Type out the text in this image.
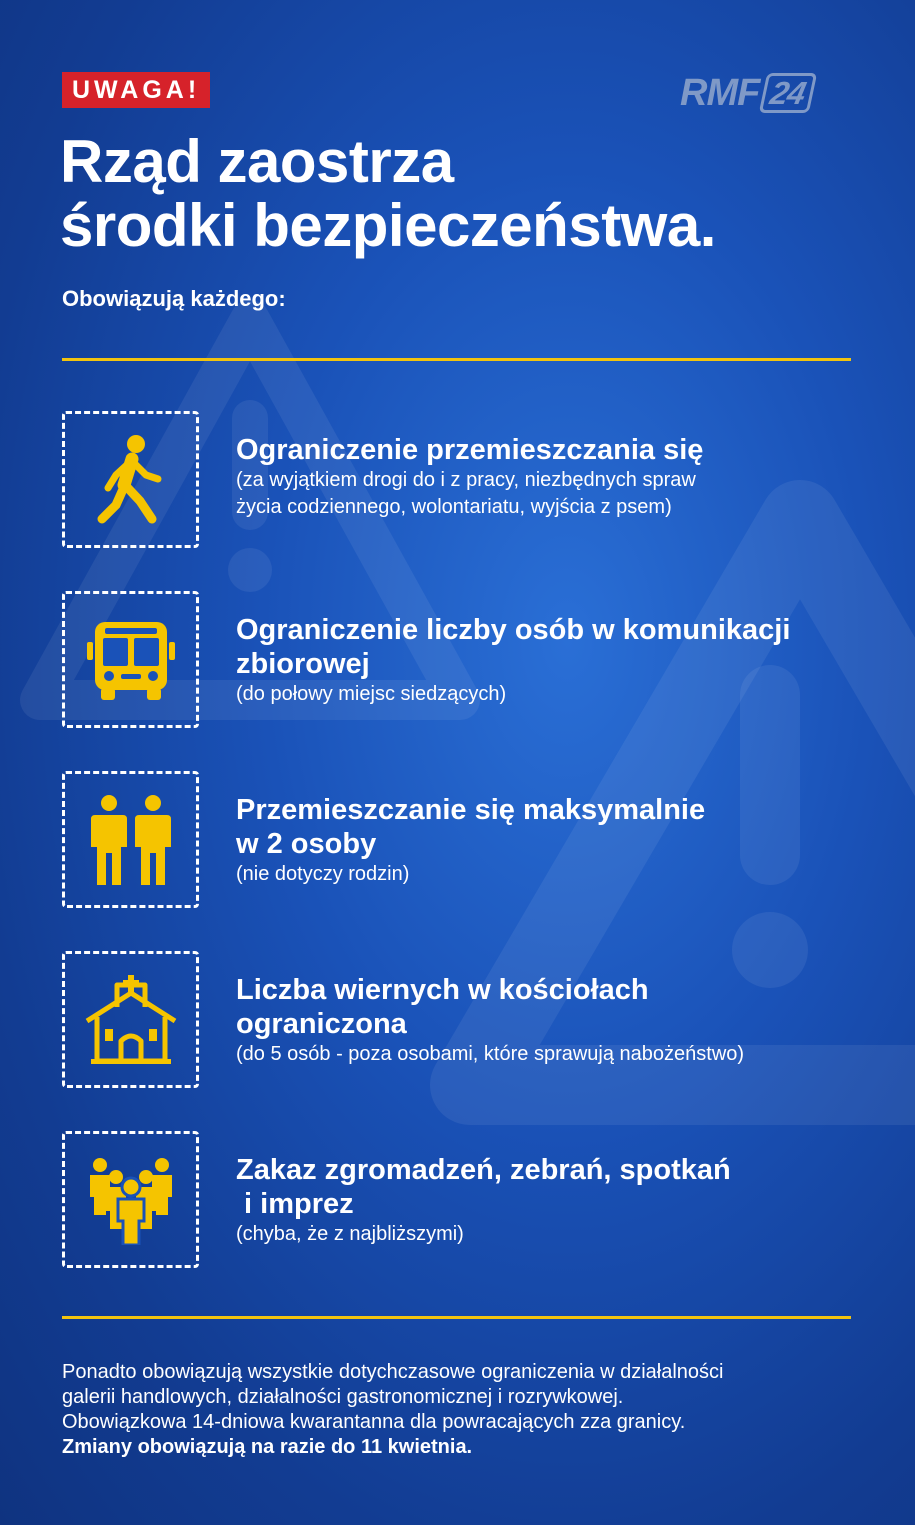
UWAGA!	RMF 24
Rząd zaostrza
środki bezpieczeństwa.
Obowiązują każdego:

Ograniczenie przemieszczania się

(za wyjątkiem drogi do i z pracy, niezbędnych spraw

życia codziennego, wolontariatu, wyjścia z psem)

Ograniczenie liczby osób w komunikacji

zbiorowej

(do połowy miejsc siedzących)

Przemieszczanie się maksymalnie

w 2 osoby

(nie dotyczy rodzin)

Liczba wiernych w kościołach

ograniczona

(do 5 osób - poza osobami, które sprawują nabożeństwo)

Zakaz zgromadzeń, zebrań, spotkań

i imprez

(chyba, że z najbliższymi)

Ponadto obowiązują wszystkie dotychczasowe ograniczenia w działalności

galerii handlowych, działalności gastronomicznej i rozrywkowej.

Obowiązkowa 14-dniowa kwarantanna dla powracających zza granicy.

Zmiany obowiązują na razie do 11 kwietnia.
